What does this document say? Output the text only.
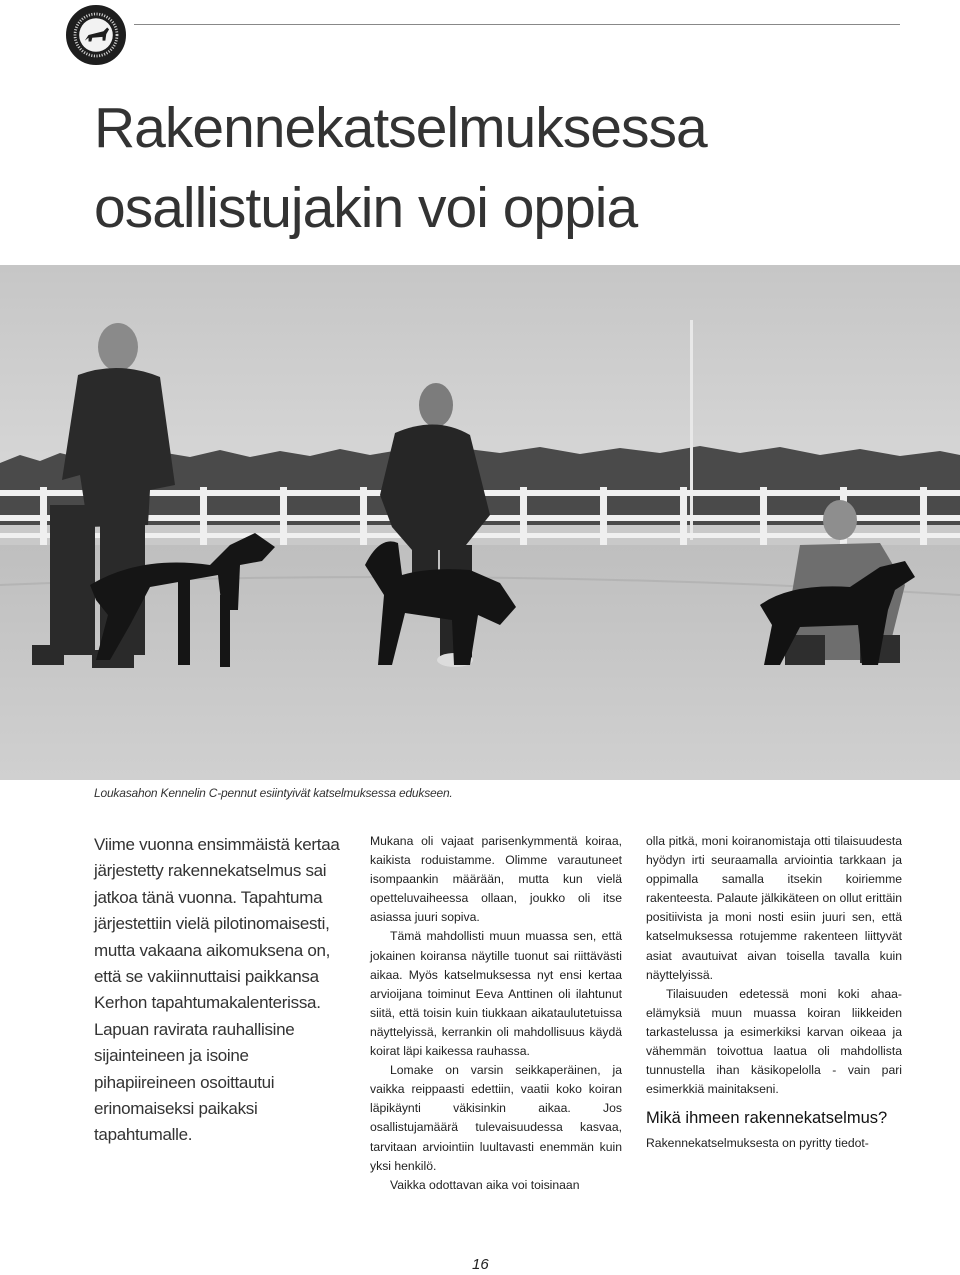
Rakennekatselmuksessa
osallistujakin voi oppia

Loukasahon Kennelin C-pennut esiintyivät katselmuksessa edukseen.

Viime vuonna ensimmäistä kertaa järjestetty rakennekatselmus sai jatkoa tänä vuonna. Tapahtuma järjestettiin vielä pilotinomaisesti, mutta vakaana aikomuksena on, että se vakiinnuttaisi paikkansa Kerhon tapahtumakalenterissa. Lapuan ravirata rauhallisine sijainteineen ja isoine pihapiireineen osoittautui erinomaiseksi paikaksi tapahtumalle.

Mukana oli vajaat parisenkymmentä koiraa, kaikista roduistamme. Olimme varautuneet isompaankin määrään, mutta kun vielä opetteluvaiheessa ollaan, joukko oli itse asiassa juuri sopiva.

Tämä mahdollisti muun muassa sen, että jokainen koiransa näytille tuonut sai riittävästi aikaa. Myös katselmuksessa nyt ensi kertaa arvioijana toiminut Eeva Anttinen oli ilahtunut siitä, että toisin kuin tiukkaan aikataulutetuissa näyttelyissä, kerrankin oli mahdollisuus käydä koirat läpi kaikessa rauhassa.

Lomake on varsin seikkaperäinen, ja vaikka reippaasti edettiin, vaatii koko koiran läpikäynti väkisinkin aikaa. Jos osallistujamäärä tulevaisuudessa kasvaa, tarvitaan arviointiin luultavasti enemmän kuin yksi henkilö.

Vaikka odottavan aika voi toisinaan

olla pitkä, moni koiranomistaja otti tilaisuudesta hyödyn irti seuraamalla arviointia tarkkaan ja oppimalla samalla itsekin koiriemme rakenteesta. Palaute jälkikäteen on ollut erittäin positiivista ja moni nosti esiin juuri sen, että katselmuksessa rotujemme rakenteen liittyvät asiat avautuivat aivan toisella tavalla kuin näyttelyissä.

Tilaisuuden edetessä moni koki ahaa-elämyksiä muun muassa koiran liikkeiden tarkastelussa ja esimerkiksi karvan oikeaa ja vähemmän toivottua laatua oli mahdollista tunnustella ihan käsikopelolla - vain pari esimerkkiä mainitakseni.

Mikä ihmeen rakennekatselmus?

Rakennekatselmuksesta on pyritty tiedot-

16
